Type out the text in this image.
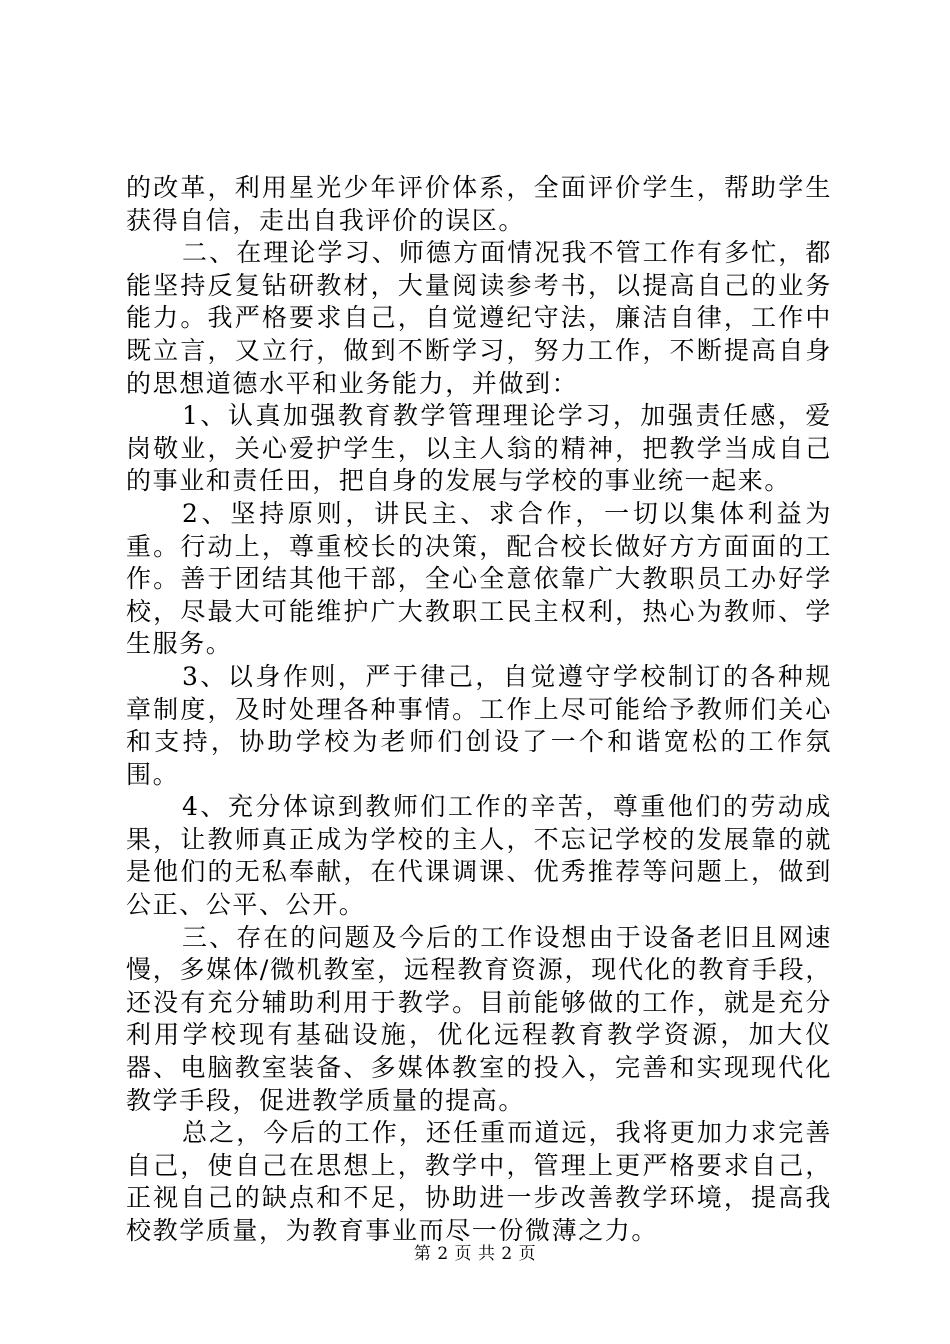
的改革，利用星光少年评价体系，全面评价学生，帮助学生获得自信，走出自我评价的误区。

二、在理论学习、师德方面情况我不管工作有多忙，都能坚持反复钻研教材，大量阅读参考书，以提高自己的业务能力。我严格要求自己，自觉遵纪守法，廉洁自律，工作中既立言，又立行，做到不断学习，努力工作，不断提高自身的思想道德水平和业务能力，并做到：

1、认真加强教育教学管理理论学习，加强责任感，爱岗敬业，关心爱护学生，以主人翁的精神，把教学当成自己的事业和责任田，把自身的发展与学校的事业统一起来。

2、坚持原则，讲民主、求合作，一切以集体利益为重。行动上，尊重校长的决策，配合校长做好方方面面的工作。善于团结其他干部，全心全意依靠广大教职员工办好学校，尽最大可能维护广大教职工民主权利，热心为教师、学生服务。

3、以身作则，严于律己，自觉遵守学校制订的各种规章制度，及时处理各种事情。工作上尽可能给予教师们关心和支持，协助学校为老师们创设了一个和谐宽松的工作氛围。

4、充分体谅到教师们工作的辛苦，尊重他们的劳动成果，让教师真正成为学校的主人，不忘记学校的发展靠的就是他们的无私奉献，在代课调课、优秀推荐等问题上，做到公正、公平、公开。

三、存在的问题及今后的工作设想由于设备老旧且网速慢，多媒体/微机教室，远程教育资源，现代化的教育手段，还没有充分辅助利用于教学。目前能够做的工作，就是充分利用学校现有基础设施，优化远程教育教学资源，加大仪器、电脑教室装备、多媒体教室的投入，完善和实现现代化教学手段，促进教学质量的提高。

总之，今后的工作，还任重而道远，我将更加力求完善自己，使自己在思想上，教学中，管理上更严格要求自己，正视自己的缺点和不足，协助进一步改善教学环境，提高我校教学质量，为教育事业而尽一份微薄之力。

第 2 页 共 2 页
